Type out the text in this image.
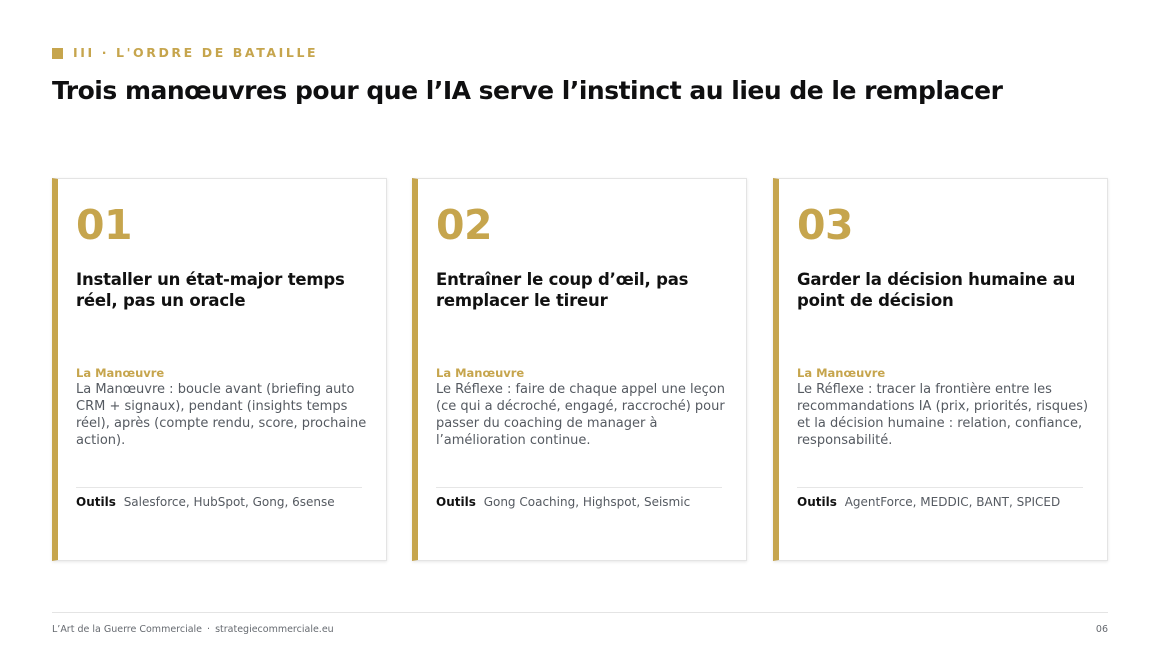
III · L'ORDRE DE BATAILLE
Trois manœuvres pour que l’IA serve l’instinct au lieu de le remplacer
01
Installer un état-major temps réel, pas un oracle
La Manœuvre
La Manœuvre : boucle avant (briefing auto CRM + signaux), pendant (insights temps réel), après (compte rendu, score, prochaine action).
Outils Salesforce, HubSpot, Gong, 6sense
02
Entraîner le coup d’œil, pas remplacer le tireur
La Manœuvre
Le Réflexe : faire de chaque appel une leçon (ce qui a décroché, engagé, raccroché) pour passer du coaching de manager à l’amélioration continue.
Outils Gong Coaching, Highspot, Seismic
03
Garder la décision humaine au point de décision
La Manœuvre
Le Réflexe : tracer la frontière entre les recommandations IA (prix, priorités, risques) et la décision humaine : relation, confiance, responsabilité.
Outils AgentForce, MEDDIC, BANT, SPICED
L’Art de la Guerre Commerciale · strategiecommerciale.eu	06
